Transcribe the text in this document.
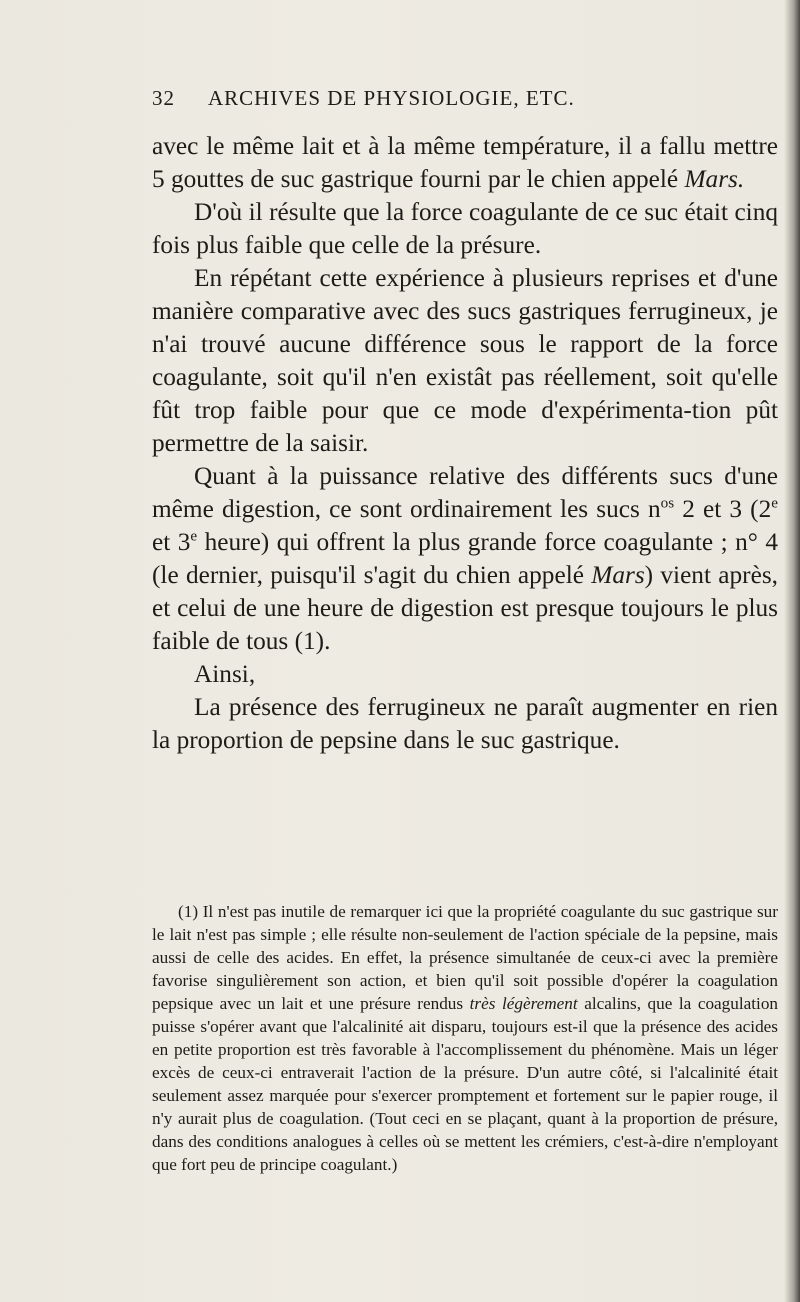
32 ARCHIVES DE PHYSIOLOGIE, ETC.

avec le même lait et à la même température, il a fallu mettre 5 gouttes de suc gastrique fourni par le chien appelé Mars.

D'où il résulte que la force coagulante de ce suc était cinq fois plus faible que celle de la présure.

En répétant cette expérience à plusieurs reprises et d'une manière comparative avec des sucs gastriques ferrugineux, je n'ai trouvé aucune différence sous le rapport de la force coagulante, soit qu'il n'en existât pas réellement, soit qu'elle fût trop faible pour que ce mode d'expérimenta-tion pût permettre de la saisir.

Quant à la puissance relative des différents sucs d'une même digestion, ce sont ordinairement les sucs $n^{os}$ 2 et 3 (2e et 3e heure) qui offrent la plus grande force coagulante ; n° 4 (le dernier, puisqu'il s'agit du chien appelé Mars) vient après, et celui de une heure de digestion est presque toujours le plus faible de tous (1).

Ainsi,

La présence des ferrugineux ne paraît augmenter en rien la proportion de pepsine dans le suc gastrique.

(1) Il n'est pas inutile de remarquer ici que la propriété coagulante du suc gastrique sur le lait n'est pas simple ; elle résulte non-seulement de l'action spéciale de la pepsine, mais aussi de celle des acides. En effet, la présence simultanée de ceux-ci avec la première favorise singulièrement son action, et bien qu'il soit possible d'opérer la coagulation pepsique avec un lait et une présure rendus très légèrement alcalins, que la coagulation puisse s'opérer avant que l'alcalinité ait disparu, toujours est-il que la présence des acides en petite proportion est très favorable à l'accomplissement du phénomène. Mais un léger excès de ceux-ci entraverait l'action de la présure. D'un autre côté, si l'alcalinité était seulement assez marquée pour s'exercer promptement et fortement sur le papier rouge, il n'y aurait plus de coagulation. (Tout ceci en se plaçant, quant à la proportion de présure, dans des conditions analogues à celles où se mettent les crémiers, c'est-à-dire n'employant que fort peu de principe coagulant.)
